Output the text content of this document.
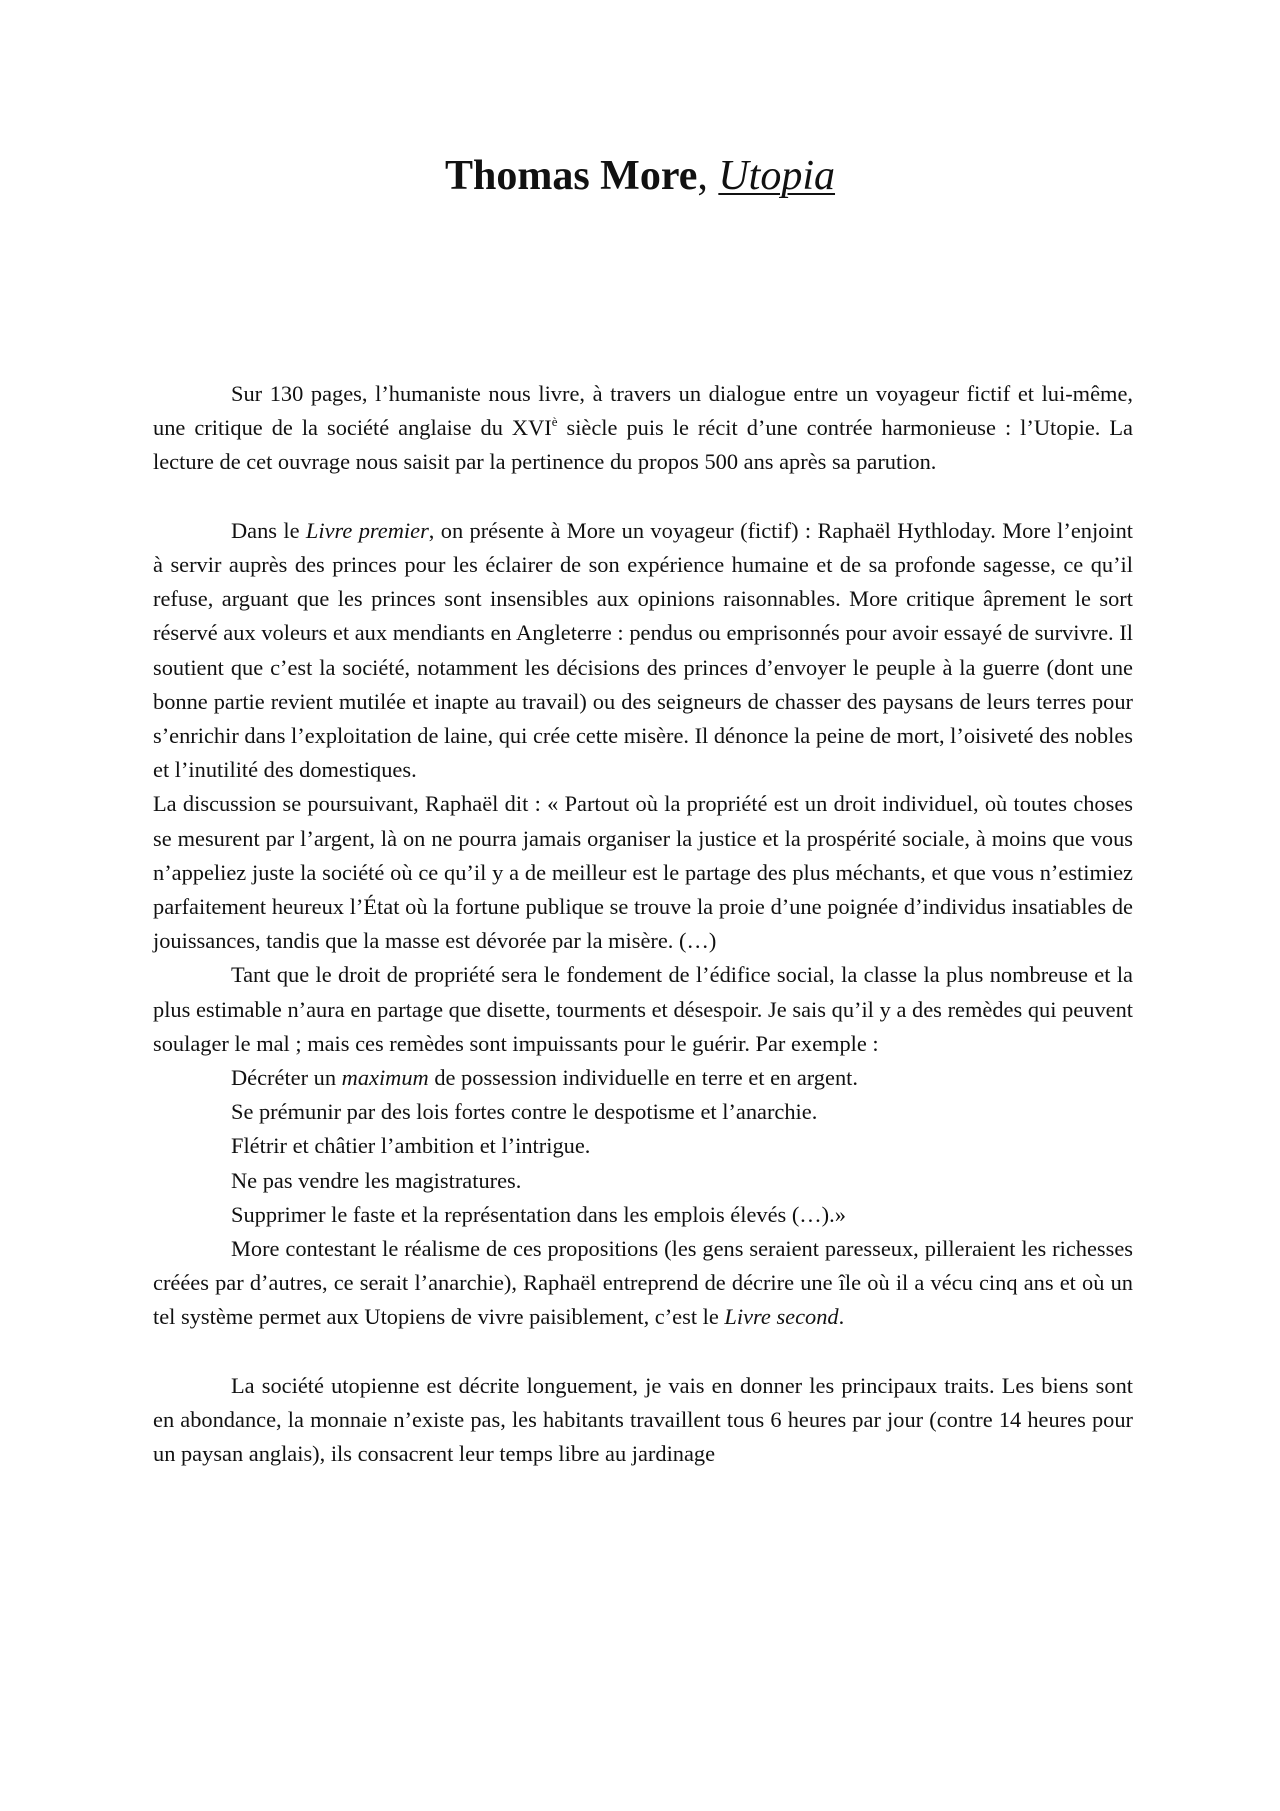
Thomas More, Utopia

Sur 130 pages, l’humaniste nous livre, à travers un dialogue entre un voyageur fictif et lui-même, une critique de la société anglaise du $XVI^è$ siècle puis le récit d’une contrée harmonieuse : l’Utopie. La lecture de cet ouvrage nous saisit par la pertinence du propos 500 ans après sa parution.

Dans le Livre premier, on présente à More un voyageur (fictif) : Raphaël Hythloday. More l’enjoint à servir auprès des princes pour les éclairer de son expérience humaine et de sa profonde sagesse, ce qu’il refuse, arguant que les princes sont insensibles aux opinions raisonnables. More critique âprement le sort réservé aux voleurs et aux mendiants en Angleterre : pendus ou emprisonnés pour avoir essayé de survivre. Il soutient que c’est la société, notamment les décisions des princes d’envoyer le peuple à la guerre (dont une bonne partie revient mutilée et inapte au travail) ou des seigneurs de chasser des paysans de leurs terres pour s’enrichir dans l’exploitation de laine, qui crée cette misère. Il dénonce la peine de mort, l’oisiveté des nobles et l’inutilité des domestiques.

La discussion se poursuivant, Raphaël dit : « Partout où la propriété est un droit individuel, où toutes choses se mesurent par l’argent, là on ne pourra jamais organiser la justice et la prospérité sociale, à moins que vous n’appeliez juste la société où ce qu’il y a de meilleur est le partage des plus méchants, et que vous n’estimiez parfaitement heureux l’État où la fortune publique se trouve la proie d’une poignée d’individus insatiables de jouissances, tandis que la masse est dévorée par la misère. (…)

Tant que le droit de propriété sera le fondement de l’édifice social, la classe la plus nombreuse et la plus estimable n’aura en partage que disette, tourments et désespoir. Je sais qu’il y a des remèdes qui peuvent soulager le mal ; mais ces remèdes sont impuissants pour le guérir. Par exemple :

Décréter un maximum de possession individuelle en terre et en argent.

Se prémunir par des lois fortes contre le despotisme et l’anarchie.

Flétrir et châtier l’ambition et l’intrigue.

Ne pas vendre les magistratures.

Supprimer le faste et la représentation dans les emplois élevés (…).»

More contestant le réalisme de ces propositions (les gens seraient paresseux, pilleraient les richesses créées par d’autres, ce serait l’anarchie), Raphaël entreprend de décrire une île où il a vécu cinq ans et où un tel système permet aux Utopiens de vivre paisiblement, c’est le Livre second.

La société utopienne est décrite longuement, je vais en donner les principaux traits. Les biens sont en abondance, la monnaie n’existe pas, les habitants travaillent tous 6 heures par jour (contre 14 heures pour un paysan anglais), ils consacrent leur temps libre au jardinage
